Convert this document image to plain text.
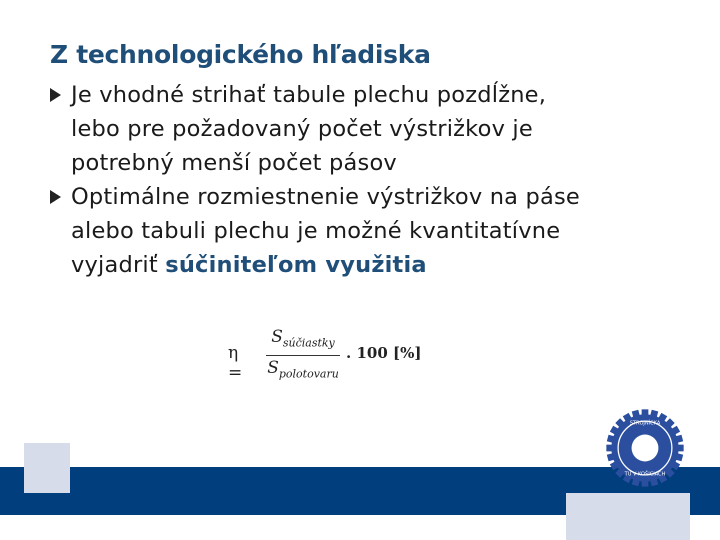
Z technologického hľadiska
Je vhodné strihať tabule plechu pozdĺžne,
lebo pre požadovaný počet výstrižkov je
potrebný menší počet pásov
Optimálne rozmiestnenie výstrižkov na páse
alebo tabuli plechu je možné kvantitatívne
vyjadriť súčiniteľom využitia
η =
$S_{súčiastky}$
$S_{polotovaru}$
. 100 [%]
STROJNÍCKA
TU V KOŠICIACH
